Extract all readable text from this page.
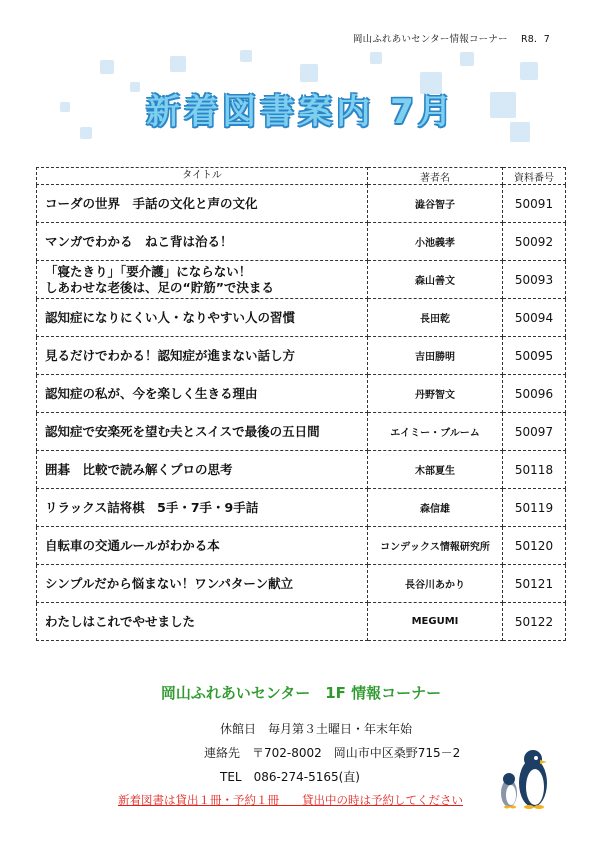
岡山ふれあいセンター情報コーナー R8．7
新着図書案内 7月
タイトル	著者名	資料番号
コーダの世界　手話の文化と声の文化	澁谷智子	50091
マンガでわかる　ねこ背は治る！	小池義孝	50092
「寝たきり」「要介護」にならない！
しあわせな老後は、足の“貯筋”で決まる	森山善文	50093
認知症になりにくい人・なりやすい人の習慣	長田乾	50094
見るだけでわかる！認知症が進まない話し方	吉田勝明	50095
認知症の私が、今を楽しく生きる理由	丹野智文	50096
認知症で安楽死を望む夫とスイスで最後の五日間	エイミー・ブルーム	50097
囲碁　比較で読み解くプロの思考	木部夏生	50118
リラックス詰将棋　5手・7手・9手詰	森信雄	50119
自転車の交通ルールがわかる本	コンデックス情報研究所	50120
シンプルだから悩まない！ワンパターン献立	長谷川あかり	50121
わたしはこれでやせました	MEGUMI	50122
岡山ふれあいセンター　1F 情報コーナー
休館日　毎月第３土曜日・年末年始
連絡先　〒702-8002　岡山市中区桑野715－2
TEL　086-274-5165(直)
新着図書は貸出１冊・予約１冊　　貸出中の時は予約してください
